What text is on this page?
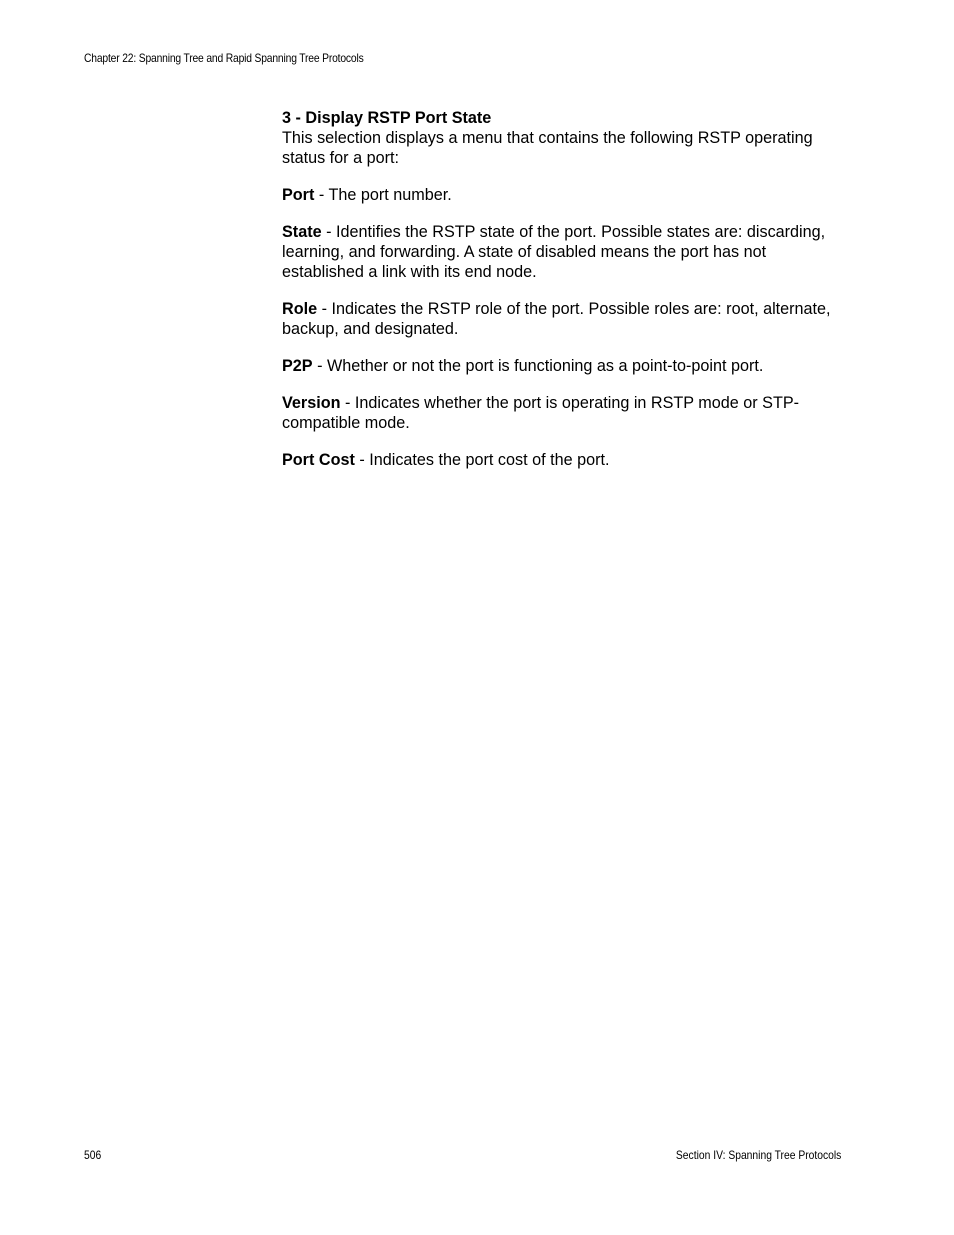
Chapter 22: Spanning Tree and Rapid Spanning Tree Protocols
3 - Display RSTP Port State

This selection displays a menu that contains the following RSTP operating status for a port:

Port - The port number.

State - Identifies the RSTP state of the port. Possible states are: discarding, learning, and forwarding. A state of disabled means the port has not established a link with its end node.

Role - Indicates the RSTP role of the port. Possible roles are: root, alternate, backup, and designated.

P2P - Whether or not the port is functioning as a point-to-point port.

Version - Indicates whether the port is operating in RSTP mode or STP-compatible mode.

Port Cost - Indicates the port cost of the port.

506	Section IV: Spanning Tree Protocols
